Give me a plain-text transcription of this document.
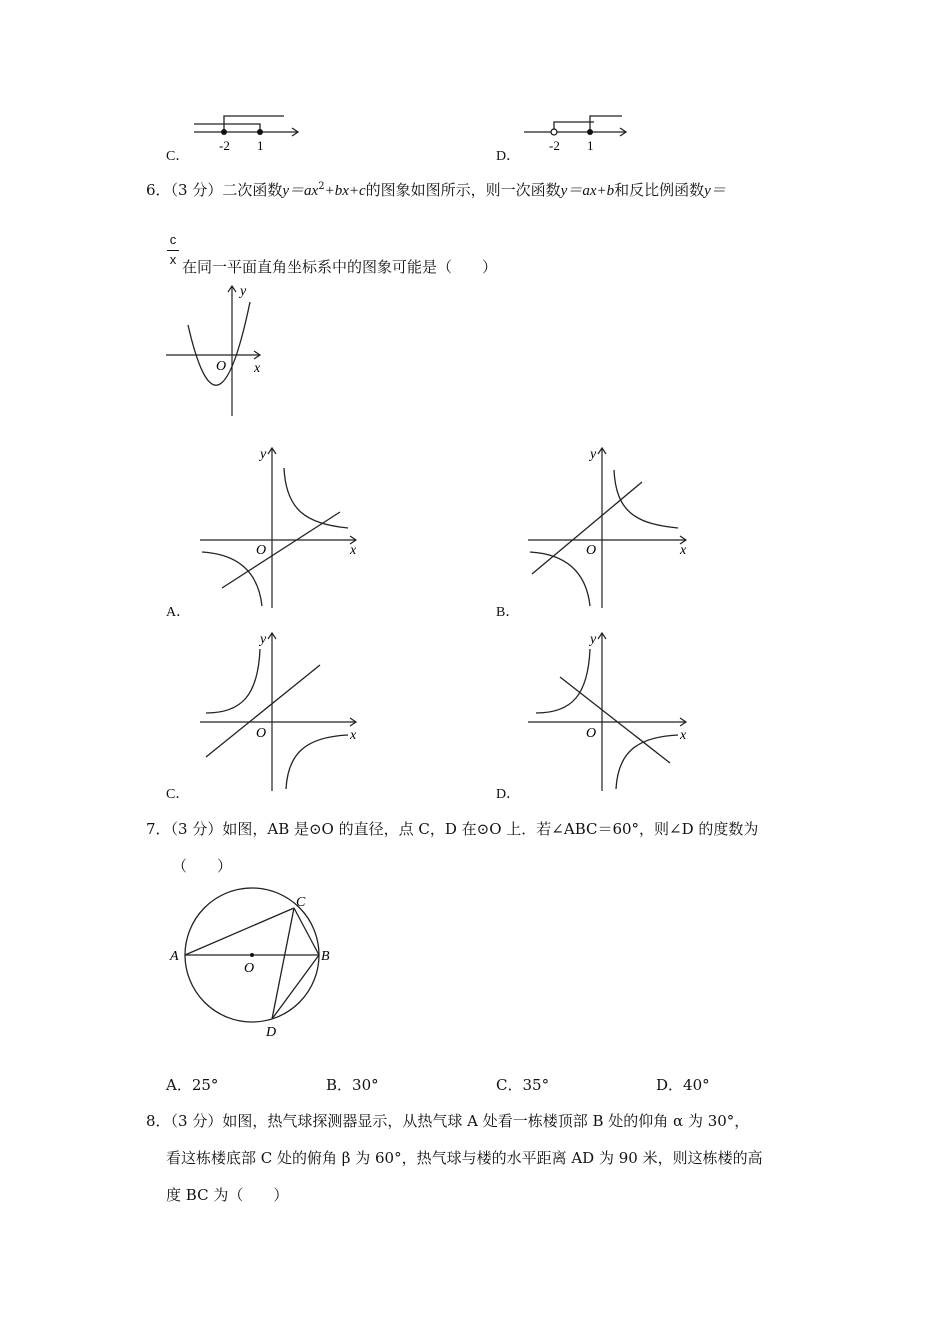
-2 1
C．
-2 1
D．
6．（3 分）二次函数$y=ax^2+bx+c$的图象如图所示，则一次函数y＝ax+b和反比例函数y＝
c
x 在同一平面直角坐标系中的图象可能是（　　）
y
x
O
y
x
O
A．
y
x
O
B．
y
x
O
C．
y
x
O
D．
7．（3 分）如图，AB 是⊙O 的直径，点 C，D 在⊙O 上．若∠ABC＝60°，则∠D 的度数为
（　　）
A	B
C
D
O
A．25°	B．30°	C．35°	D．40°
8．（3 分）如图，热气球探测器显示，从热气球 A 处看一栋楼顶部 B 处的仰角 α 为 30°，
看这栋楼底部 C 处的俯角 β 为 60°，热气球与楼的水平距离 AD 为 90 米，则这栋楼的高
度 BC 为（　　）
